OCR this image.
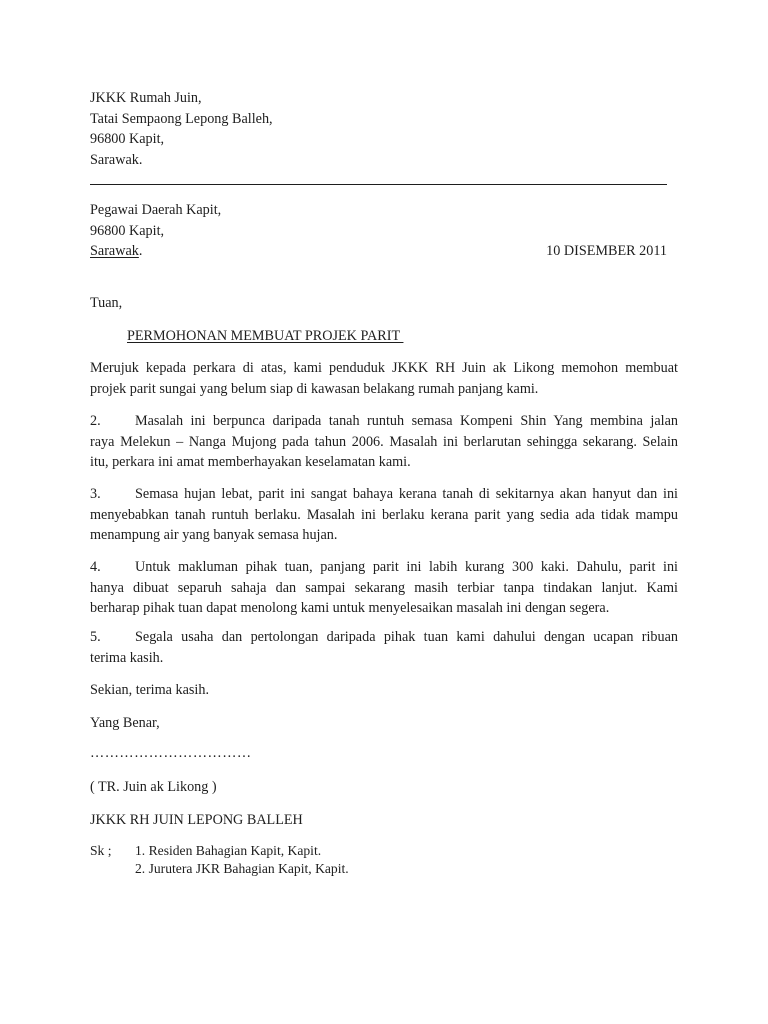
JKKK Rumah Juin,
Tatai Sempaong Lepong Balleh,
96800 Kapit,
Sarawak.
Pegawai Daerah Kapit,
96800 Kapit,
Sarawak.	10 DISEMBER 2011
Tuan,
PERMOHONAN MEMBUAT PROJEK PARIT
Merujuk kepada perkara di atas, kami penduduk JKKK RH Juin ak Likong memohon membuat
projek parit sungai yang belum siap di kawasan belakang rumah panjang kami.
2. Masalah ini berpunca daripada tanah runtuh semasa Kompeni Shin Yang membina jalan
raya Melekun – Nanga Mujong pada tahun 2006. Masalah ini berlarutan sehingga sekarang. Selain
itu, perkara ini amat memberhayakan keselamatan kami.
3. Semasa hujan lebat, parit ini sangat bahaya kerana tanah di sekitarnya akan hanyut dan ini
menyebabkan tanah runtuh berlaku. Masalah ini berlaku kerana parit yang sedia ada tidak mampu
menampung air yang banyak semasa hujan.
4. Untuk makluman pihak tuan, panjang parit ini labih kurang 300 kaki. Dahulu, parit ini
hanya dibuat separuh sahaja dan sampai sekarang masih terbiar tanpa tindakan lanjut. Kami
berharap pihak tuan dapat menolong kami untuk menyelesaikan masalah ini dengan segera.
5. Segala usaha dan pertolongan daripada pihak tuan kami dahului dengan ucapan ribuan
terima kasih.
Sekian, terima kasih.
Yang Benar,
……………………………
( TR. Juin ak Likong )
JKKK RH JUIN LEPONG BALLEH
Sk ; 1. Residen Bahagian Kapit, Kapit.
2. Jurutera JKR Bahagian Kapit, Kapit.
